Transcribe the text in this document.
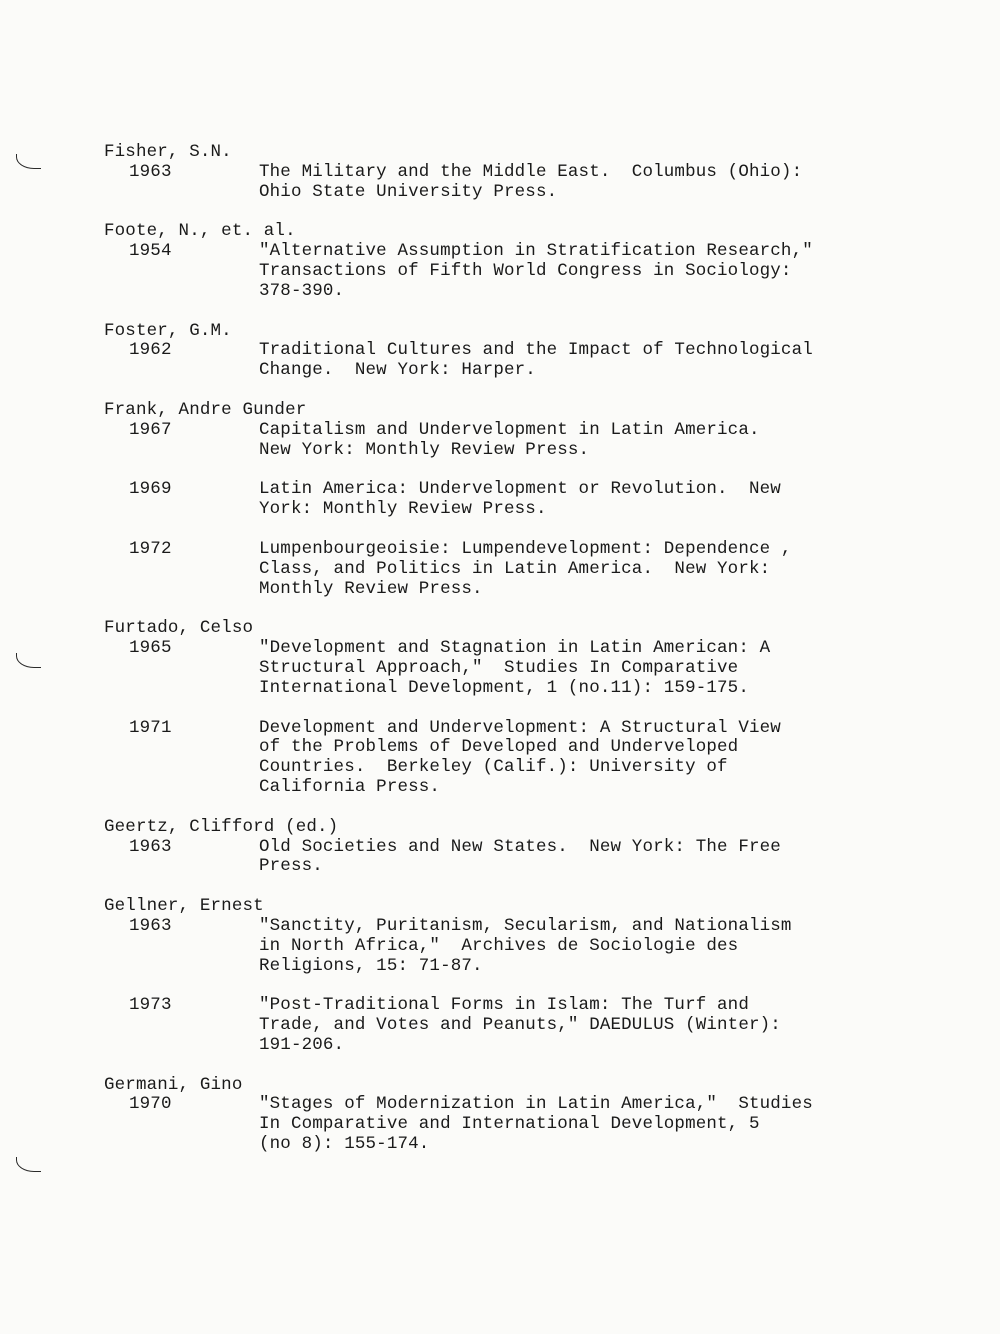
Fisher, S.N.
1963	The Military and the Middle East.  Columbus (Ohio):
Ohio State University Press.
Foote, N., et. al.
1954	"Alternative Assumption in Stratification Research,"
Transactions of Fifth World Congress in Sociology:
378-390.
Foster, G.M.
1962	Traditional Cultures and the Impact of Technological
Change.  New York: Harper.
Frank, Andre Gunder
1967	Capitalism and Undervelopment in Latin America.
New York: Monthly Review Press.
1969	Latin America: Undervelopment or Revolution.  New
York: Monthly Review Press.
1972	Lumpenbourgeoisie: Lumpendevelopment: Dependence ,
Class, and Politics in Latin America.  New York:
Monthly Review Press.
Furtado, Celso
1965	"Development and Stagnation in Latin American: A
Structural Approach,"  Studies In Comparative
International Development, 1 (no.11): 159-175.
1971	Development and Undervelopment: A Structural View
of the Problems of Developed and Underveloped
Countries.  Berkeley (Calif.): University of
California Press.
Geertz, Clifford (ed.)
1963	Old Societies and New States.  New York: The Free
Press.
Gellner, Ernest
1963	"Sanctity, Puritanism, Secularism, and Nationalism
in North Africa,"  Archives de Sociologie des
Religions, 15: 71-87.
1973	"Post-Traditional Forms in Islam: The Turf and
Trade, and Votes and Peanuts," DAEDULUS (Winter):
191-206.
Germani, Gino
1970	"Stages of Modernization in Latin America,"  Studies
In Comparative and International Development, 5
(no 8): 155-174.
